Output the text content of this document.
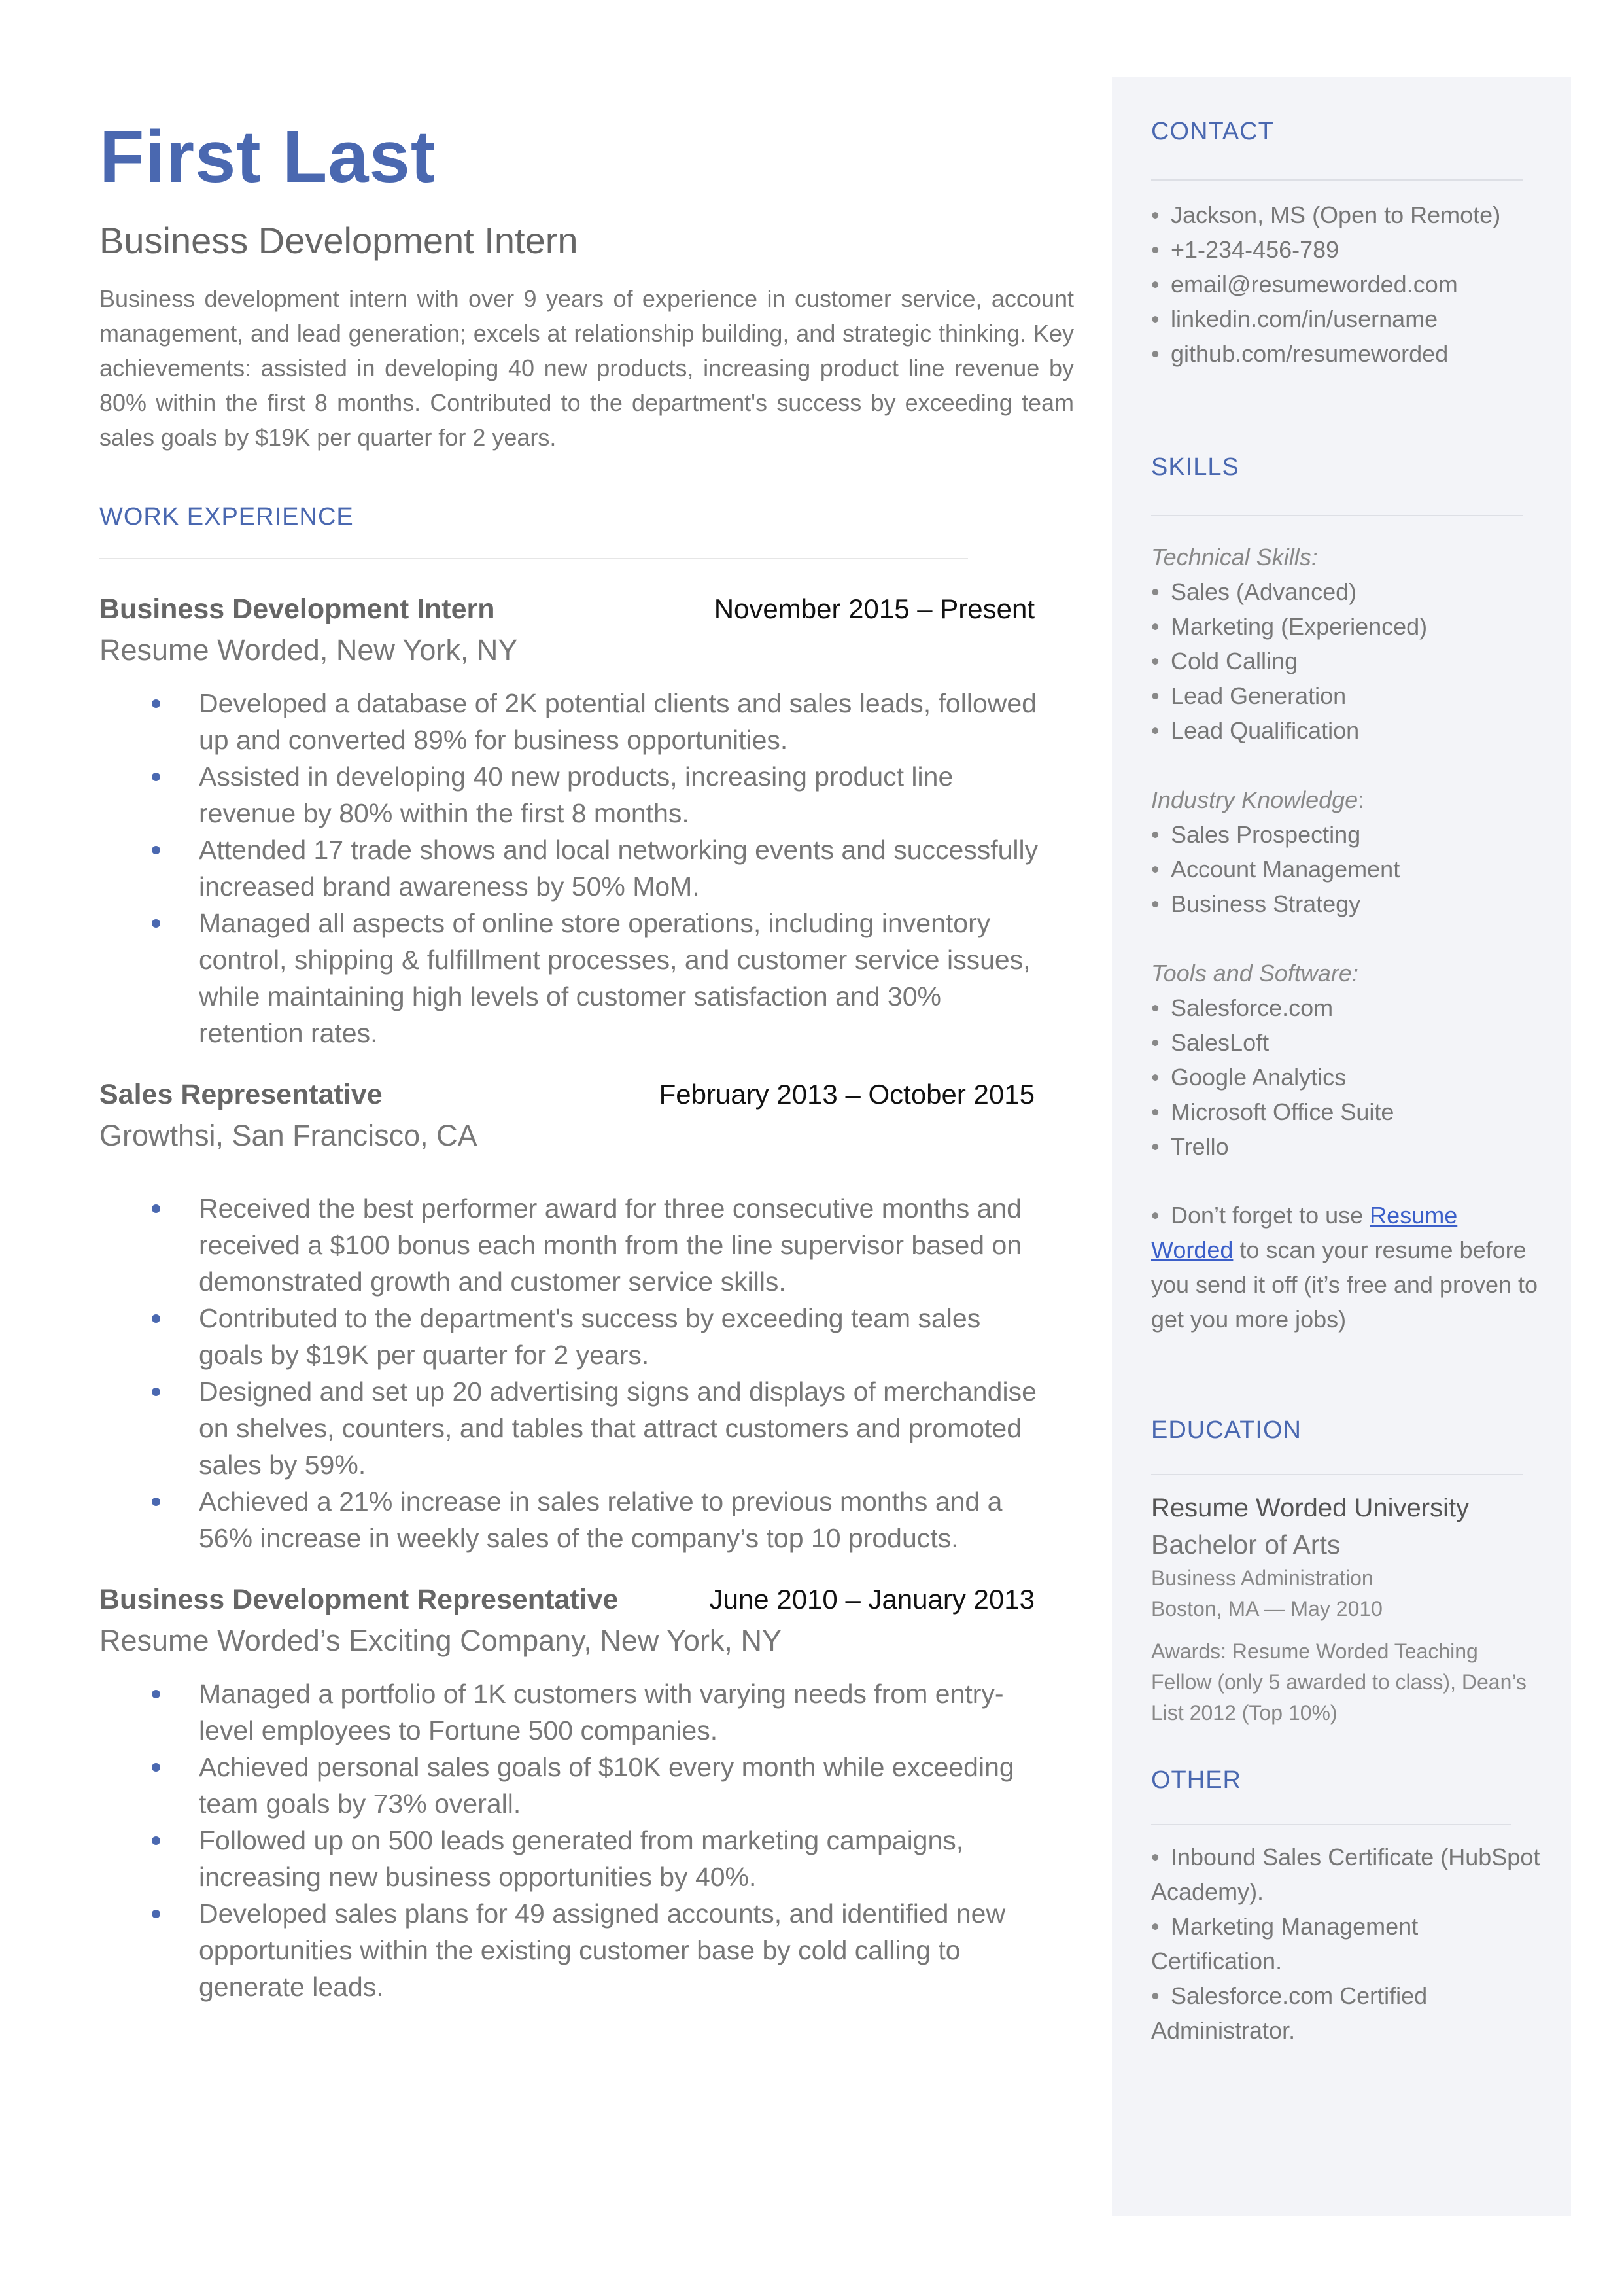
First Last
Business Development Intern

Business development intern with over 9 years of experience in customer service, account management, and lead generation; excels at relationship building, and strategic thinking. Key achievements: assisted in developing 40 new products, increasing product line revenue by 80% within the first 8 months. Contributed to the department's success by exceeding team sales goals by $19K per quarter for 2 years.

WORK EXPERIENCE
Business Development Intern	November 2015 – Present
Resume Worded, New York, NY
Developed a database of 2K potential clients and sales leads, followed up and converted 89% for business opportunities.
Assisted in developing 40 new products, increasing product line revenue by 80% within the first 8 months.
Attended 17 trade shows and local networking events and successfully increased brand awareness by 50% MoM.
Managed all aspects of online store operations, including inventory control, shipping & fulfillment processes, and customer service issues, while maintaining high levels of customer satisfaction and 30% retention rates.
Sales Representative	February 2013 – October 2015
Growthsi, San Francisco, CA
Received the best performer award for three consecutive months and received a $100 bonus each month from the line supervisor based on demonstrated growth and customer service skills.
Contributed to the department's success by exceeding team sales goals by $19K per quarter for 2 years.
Designed and set up 20 advertising signs and displays of merchandise on shelves, counters, and tables that attract customers and promoted sales by 59%.
Achieved a 21% increase in sales relative to previous months and a 56% increase in weekly sales of the company’s top 10 products.
Business Development Representative	June 2010 – January 2013
Resume Worded’s Exciting Company, New York, NY
Managed a portfolio of 1K customers with varying needs from entry-level employees to Fortune 500 companies.
Achieved personal sales goals of $10K every month while exceeding team goals by 73% overall.
Followed up on 500 leads generated from marketing campaigns, increasing new business opportunities by 40%.
Developed sales plans for 49 assigned accounts, and identified new opportunities within the existing customer base by cold calling to generate leads.
CONTACT
• Jackson, MS (Open to Remote)
• +1-234-456-789
• email@resumeworded.com
• linkedin.com/in/username
• github.com/resumeworded
SKILLS

Technical Skills:

• Sales (Advanced)
• Marketing (Experienced)
• Cold Calling
• Lead Generation
• Lead Qualification

Industry Knowledge:

• Sales Prospecting
• Account Management
• Business Strategy

Tools and Software:

• Salesforce.com
• SalesLoft
• Google Analytics
• Microsoft Office Suite
• Trello

• Don’t forget to use Resume Worded to scan your resume before you send it off (it’s free and proven to get you more jobs)

EDUCATION

Resume Worded University

Bachelor of Arts

Business Administration

Boston, MA — May 2010

Awards: Resume Worded Teaching Fellow (only 5 awarded to class), Dean’s List 2012 (Top 10%)

OTHER
• Inbound Sales Certificate (HubSpot Academy).
• Marketing Management Certification.
• Salesforce.com Certified Administrator.
